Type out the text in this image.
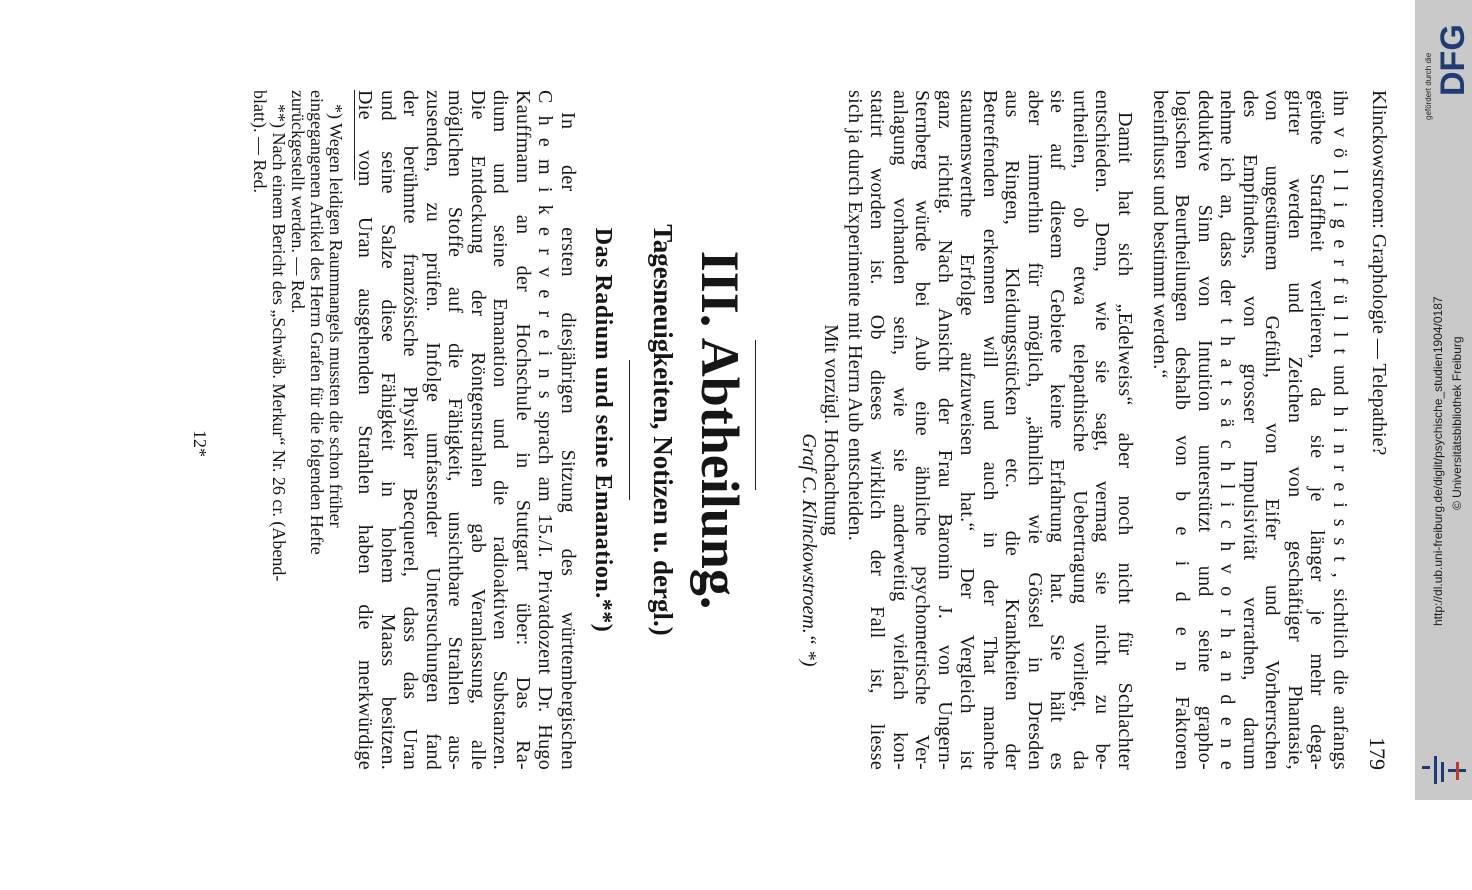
Klinckowstroem: Graphologie — Telepathie?
179
ihn v ö l l i g e r f ü l l t und h i n r e i s s t , sichtlich die anfangs
geübte Straffheit verlieren, da sie je länger je mehr dega-
girter werden und Zeichen von geschäftiger Phantasie,
von ungestümem Gefühl, von Eifer und Vorherrschen
des Empfindens, von grosser Impulsivität verrathen, darum
nehme ich an, dass der t h a t s ä c h l i c h v o r h a n d e n e
deduktive Sinn von Intuition unterstützt und seine grapho-
logischen Beurtheilungen deshalb von b e i d e n Faktoren
beeinflusst und bestimmt werden.“
Damit hat sich „Edelweiss“ aber noch nicht für Schlachter
entschieden. Denn, wie sie sagt, vermag sie nicht zu be-
urtheilen, ob etwa telepathische Uebertragung vorliegt, da
sie auf diesem Gebiete keine Erfahrung hat. Sie hält es
aber immerhin für möglich, „ähnlich wie Gössel in Dresden
aus Ringen, Kleidungsstücken etc. die Krankheiten der
Betreffenden erkennen will und auch in der That manche
staunenswerthe Erfolge aufzuweisen hat.“ Der Vergleich ist
ganz richtig. Nach Ansicht der Frau Baronin J. von Ungern-
Sternberg würde bei Aub eine ähnliche psychometrische Ver-
anlagung vorhanden sein, wie sie anderweitig vielfach kon-
statirt worden ist. Ob dieses wirklich der Fall ist, liesse
sich ja durch Experimente mit Herrn Aub entscheiden.
Mit vorzügl. Hochachtung
Graf C. Klinckowstroem.“ *)
III. Abtheilung.
Tagesneuigkeiten, Notizen u. dergl.)
Das Radium und seine Emanation.**)
In der ersten diesjährigen Sitzung des württembergischen
C h e m i k e r v e r e i n s sprach am 15./I. Privatdozent Dr. Hugo
Kauffmann an der Hochschule in Stuttgart über: Das Ra-
dium und seine Emanation und die radioaktiven Substanzen.
Die Entdeckung der Röntgenstrahlen gab Veranlassung, alle
möglichen Stoffe auf die Fähigkeit, unsichtbare Strahlen aus-
zusenden, zu prüfen. Infolge umfassender Untersuchungen fand
der berühmte französische Physiker Becquerel, dass das Uran
und seine Salze diese Fähigkeit in hohem Maass besitzen.
Die vom Uran ausgehenden Strahlen haben die merkwürdige
*) Wegen leidigen Raummangels mussten die schon früher
eingegangenen Artikel des Herrn Grafen für die folgenden Hefte
zurückgestellt werden. — Red.
**) Nach einem Bericht des „Schwäb. Merkur“ Nr. 26 cr. (Abend-
blatt). — Red.
12*
gefördert durch die DFG
http://dl.ub.uni-freiburg.de/diglit/psychische_studien1904/0187 © Universitätsbibliothek Freiburg
